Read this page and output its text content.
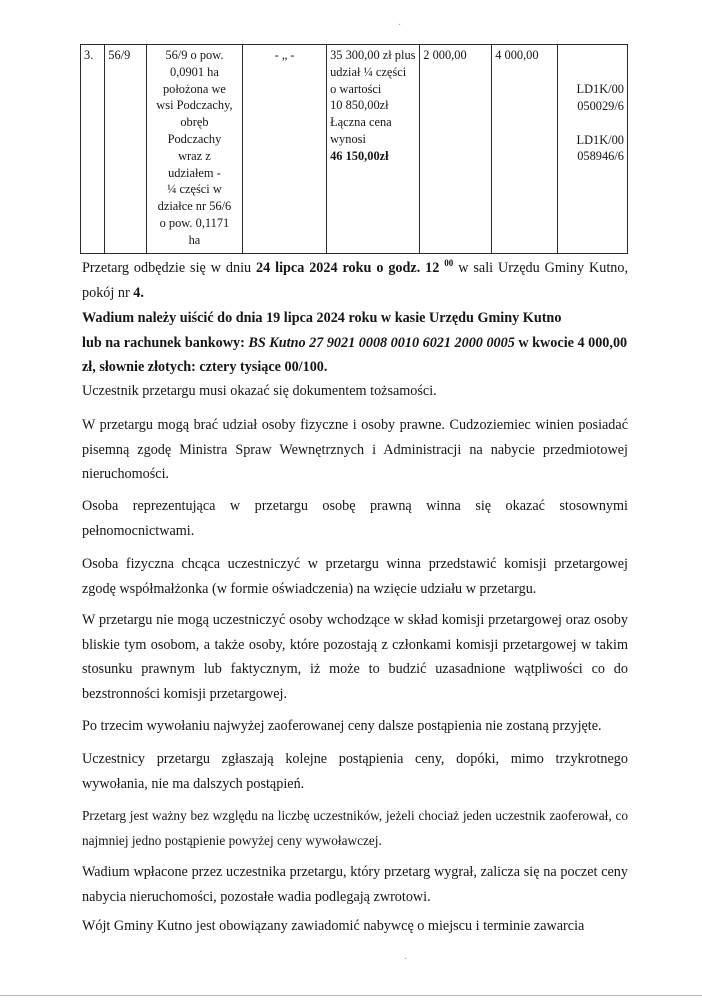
·
3.	56/9	56/9 o pow.
0,0901 ha
położona we
wsi Podczachy,
obręb
Podczachy
wraz z
udziałem -
¼ części w
działce nr 56/6
o pow. 0,1171
ha
	- „ -	35 300,00 zł plus
udział ¼ części
o wartości
10 850,00zł
Łączna cena
wynosi
46 150,00zł
	2 000,00	4 000,00	
LD1K/00
050029/6
LD1K/00
058946/6

Przetarg odbędzie się w dniu 24 lipca 2024 roku o godz. 12 $^{00}$ w sali Urzędu Gminy Kutno, pokój nr 4.

Wadium należy uiścić do dnia 19 lipca 2024 roku w kasie Urzędu Gminy Kutno
lub na rachunek bankowy: BS Kutno 27 9021 0008 0010 6021 2000 0005 w kwocie 4 000,00 zł, słownie złotych: cztery tysiące 00/100.

Uczestnik przetargu musi okazać się dokumentem tożsamości.

W przetargu mogą brać udział osoby fizyczne i osoby prawne. Cudzoziemiec winien posiadać pisemną zgodę Ministra Spraw Wewnętrznych i Administracji na nabycie przedmiotowej nieruchomości.

Osoba reprezentująca w przetargu osobę prawną winna się okazać stosownymi pełnomocnictwami.

Osoba fizyczna chcąca uczestniczyć w przetargu winna przedstawić komisji przetargowej zgodę współmałżonka (w formie oświadczenia) na wzięcie udziału w przetargu.

W przetargu nie mogą uczestniczyć osoby wchodzące w skład komisji przetargowej oraz osoby bliskie tym osobom, a także osoby, które pozostają z członkami komisji przetargowej w takim stosunku prawnym lub faktycznym, iż może to budzić uzasadnione wątpliwości co do bezstronności komisji przetargowej.

Po trzecim wywołaniu najwyżej zaoferowanej ceny dalsze postąpienia nie zostaną przyjęte.

Uczestnicy przetargu zgłaszają kolejne postąpienia ceny, dopóki, mimo trzykrotnego wywołania, nie ma dalszych postąpień.

Przetarg jest ważny bez względu na liczbę uczestników, jeżeli chociaż jeden uczestnik zaoferował, co najmniej jedno postąpienie powyżej ceny wywoławczej.

Wadium wpłacone przez uczestnika przetargu, który przetarg wygrał, zalicza się na poczet ceny nabycia nieruchomości, pozostałe wadia podlegają zwrotowi.

Wójt Gminy Kutno jest obowiązany zawiadomić nabywcę o miejscu i terminie zawarcia

·
